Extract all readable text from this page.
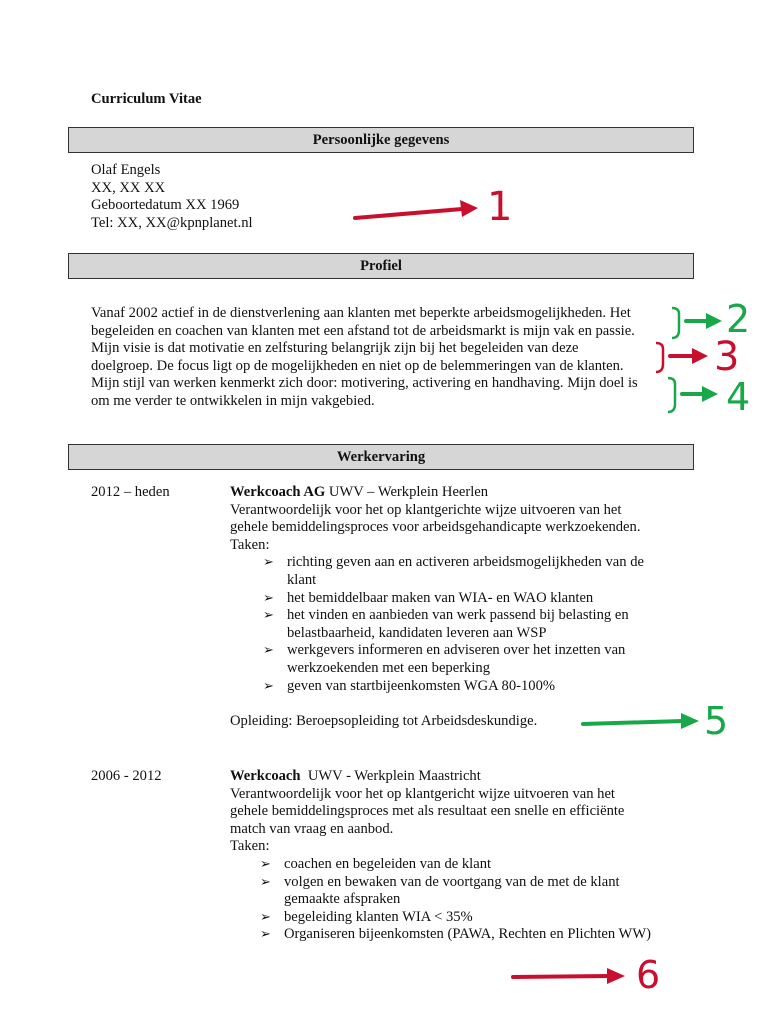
Curriculum Vitae
Persoonlijke gegevens
Olaf Engels
XX, XX XX
Geboortedatum XX 1969
Tel: XX, XX@kpnplanet.nl
Profiel
Vanaf 2002 actief in de dienstverlening aan klanten met beperkte arbeidsmogelijkheden. Het
begeleiden en coachen van klanten met een afstand tot de arbeidsmarkt is mijn vak en passie.
Mijn visie is dat motivatie en zelfsturing belangrijk zijn bij het begeleiden van deze
doelgroep. De focus ligt op de mogelijkheden en niet op de belemmeringen van de klanten.
Mijn stijl van werken kenmerkt zich door: motivering, activering en handhaving. Mijn doel is
om me verder te ontwikkelen in mijn vakgebied.
Werkervaring
2012 – heden	Werkcoach AG UWV – Werkplein Heerlen
Verantwoordelijk voor het op klantgerichte wijze uitvoeren van het
gehele bemiddelingsproces voor arbeidsgehandicapte werkzoekenden.
Taken:
➢ richting geven aan en activeren arbeidsmogelijkheden van de
klant
➢ het bemiddelbaar maken van WIA- en WAO klanten
➢ het vinden en aanbieden van werk passend bij belasting en
belastbaarheid, kandidaten leveren aan WSP
➢ werkgevers informeren en adviseren over het inzetten van
werkzoekenden met een beperking
➢ geven van startbijeenkomsten WGA 80-100%
Opleiding: Beroepsopleiding tot Arbeidsdeskundige.
2006 - 2012	Werkcoach  UWV - Werkplein Maastricht
Verantwoordelijk voor het op klantgericht wijze uitvoeren van het
gehele bemiddelingsproces met als resultaat een snelle en efficiënte
match van vraag en aanbod.
Taken:
➢ coachen en begeleiden van de klant
➢ volgen en bewaken van de voortgang van de met de klant
gemaakte afspraken
➢ begeleiding klanten WIA < 35%
➢ Organiseren bijeenkomsten (PAWA, Rechten en Plichten WW)
1
2
3
4
5
6
